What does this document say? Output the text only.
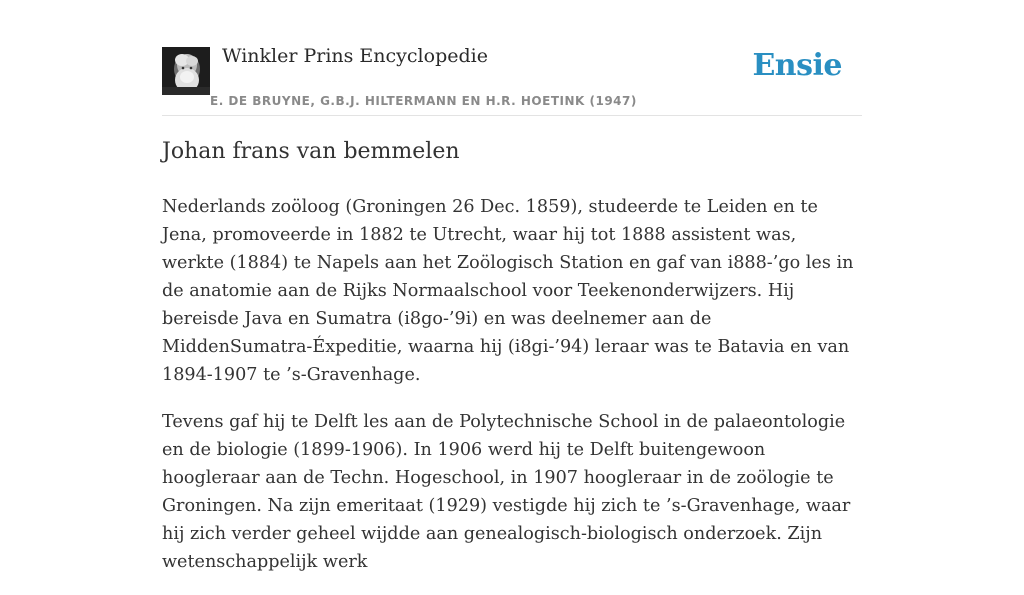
Winkler Prins Encyclopedie
E. DE BRUYNE, G.B.J. HILTERMANN EN H.R. HOETINK (1947)
Ensie
Johan frans van bemmelen

Nederlands zoöloog (Groningen 26 Dec. 1859), studeerde te Leiden en te Jena, promoveerde in 1882 te Utrecht, waar hij tot 1888 assistent was, werkte (1884) te Napels aan het Zoölogisch Station en gaf van i888-’go les in de anatomie aan de Rijks Normaalschool voor Teekenonderwijzers. Hij bereisde Java en Sumatra (i8go-’9i) en was deelnemer aan de MiddenSumatra-Éxpeditie, waarna hij (i8gi-’94) leraar was te Batavia en van 1894-1907 te ’s-Gravenhage.

Tevens gaf hij te Delft les aan de Polytechnische School in de palaeontologie en de biologie (1899-1906). In 1906 werd hij te Delft buitengewoon hoogleraar aan de Techn. Hogeschool, in 1907 hoogleraar in de zoölogie te Groningen. Na zijn emeritaat (1929) vestigde hij zich te ’s-Gravenhage, waar hij zich verder geheel wijdde aan genealogisch-biologisch onderzoek. Zijn wetenschappelijk werk
